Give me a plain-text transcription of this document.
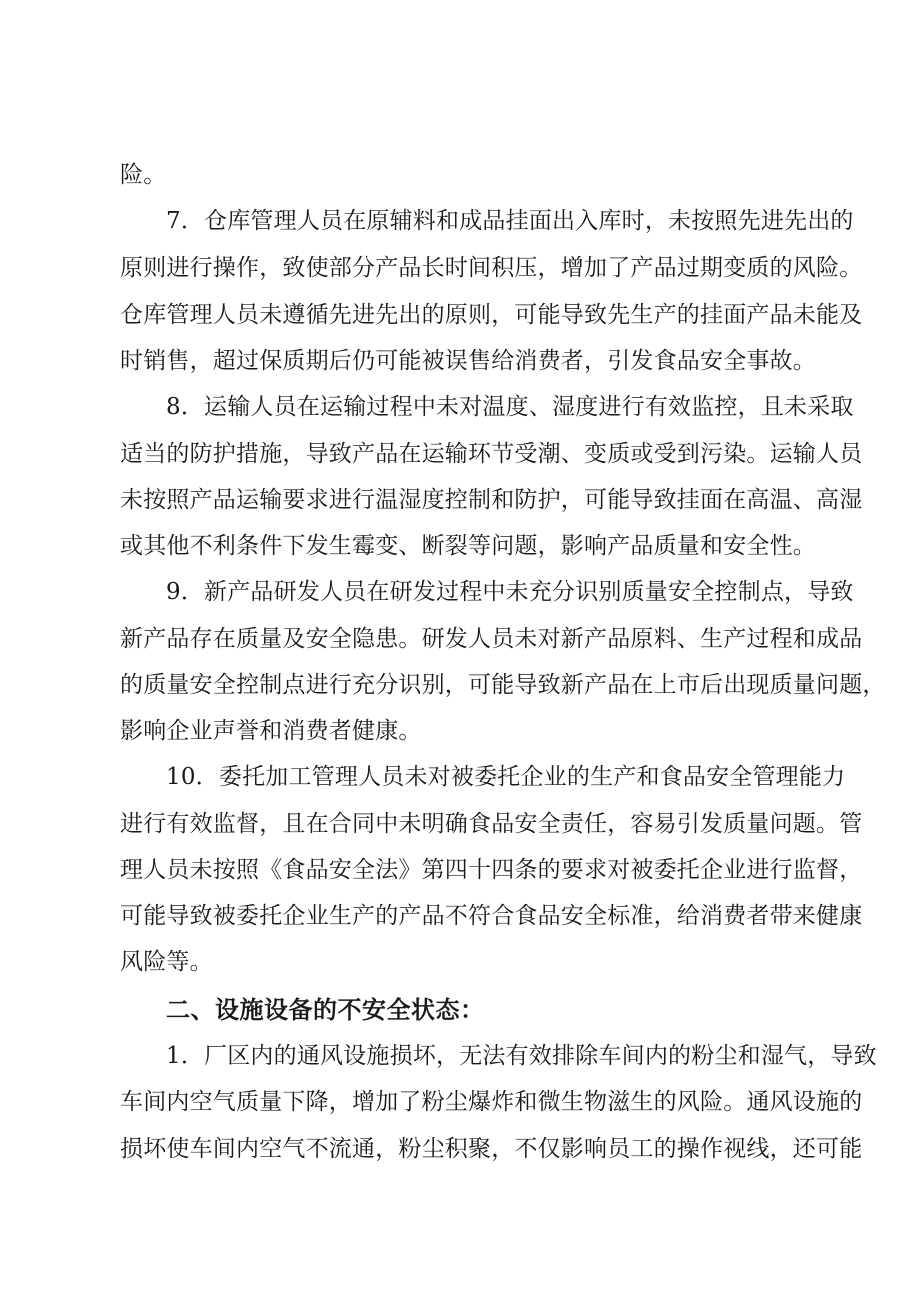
险。
7．仓库管理人员在原辅料和成品挂面出入库时，未按照先进先出的
原则进行操作，致使部分产品长时间积压，增加了产品过期变质的风险。
仓库管理人员未遵循先进先出的原则，可能导致先生产的挂面产品未能及
时销售，超过保质期后仍可能被误售给消费者，引发食品安全事故。
8．运输人员在运输过程中未对温度、湿度进行有效监控，且未采取
适当的防护措施，导致产品在运输环节受潮、变质或受到污染。运输人员
未按照产品运输要求进行温湿度控制和防护，可能导致挂面在高温、高湿
或其他不利条件下发生霉变、断裂等问题，影响产品质量和安全性。
9．新产品研发人员在研发过程中未充分识别质量安全控制点，导致
新产品存在质量及安全隐患。研发人员未对新产品原料、生产过程和成品
的质量安全控制点进行充分识别，可能导致新产品在上市后出现质量问题，
影响企业声誉和消费者健康。
10．委托加工管理人员未对被委托企业的生产和食品安全管理能力
进行有效监督，且在合同中未明确食品安全责任，容易引发质量问题。管
理人员未按照《食品安全法》第四十四条的要求对被委托企业进行监督，
可能导致被委托企业生产的产品不符合食品安全标准，给消费者带来健康
风险等。
二、设施设备的不安全状态：
1．厂区内的通风设施损坏，无法有效排除车间内的粉尘和湿气，导致
车间内空气质量下降，增加了粉尘爆炸和微生物滋生的风险。通风设施的
损坏使车间内空气不流通，粉尘积聚，不仅影响员工的操作视线，还可能
